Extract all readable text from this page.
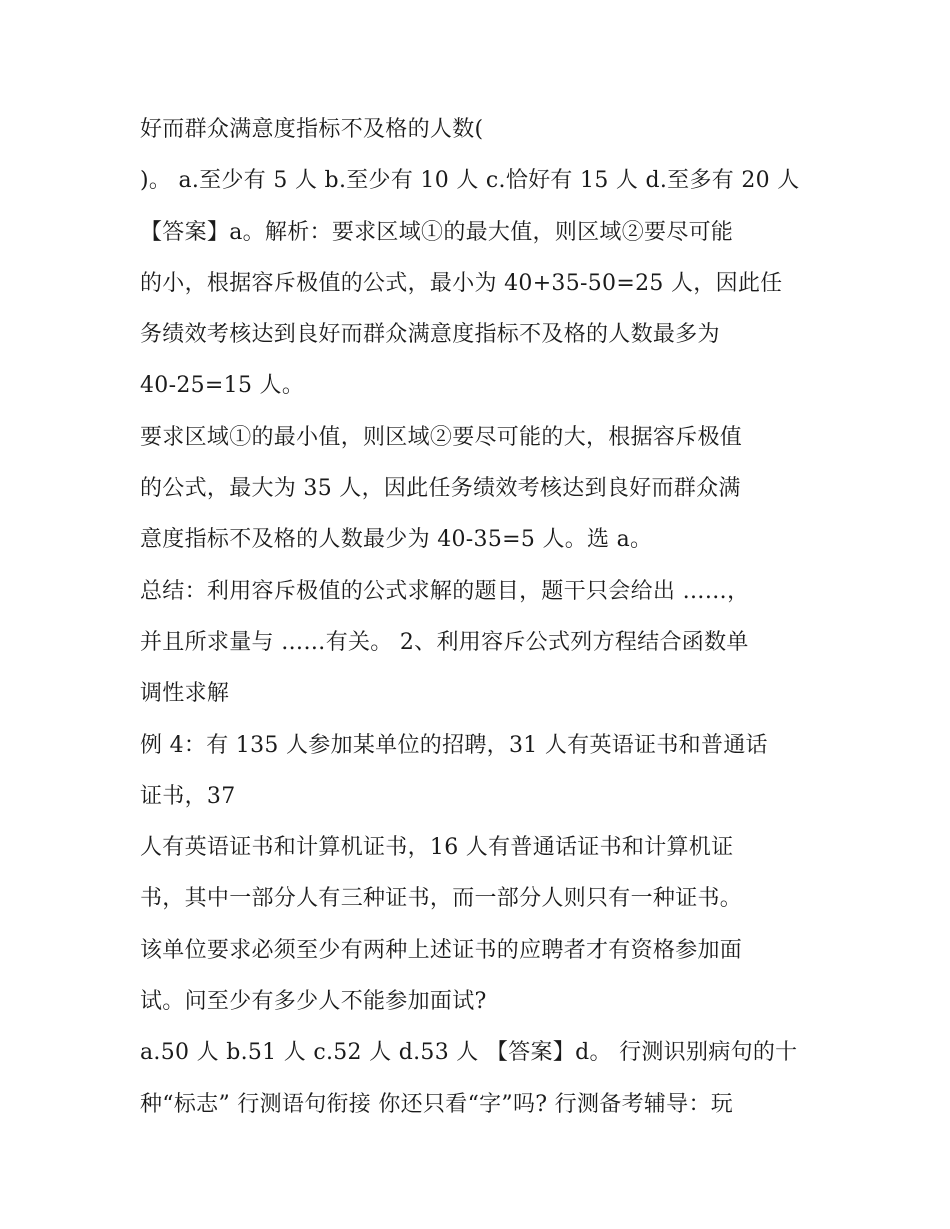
好而群众满意度指标不及格的人数(
)。 a.至少有 5 人 b.至少有 10 人 c.恰好有 15 人 d.至多有 20 人
【答案】a。解析：要求区域①的最大值，则区域②要尽可能
的小，根据容斥极值的公式，最小为 40+35-50=25 人，因此任
务绩效考核达到良好而群众满意度指标不及格的人数最多为
40-25=15 人。
要求区域①的最小值，则区域②要尽可能的大，根据容斥极值
的公式，最大为 35 人，因此任务绩效考核达到良好而群众满
意度指标不及格的人数最少为 40-35=5 人。选 a。
总结：利用容斥极值的公式求解的题目，题干只会给出 ……，
并且所求量与 ……有关。 2、利用容斥公式列方程结合函数单
调性求解
例 4：有 135 人参加某单位的招聘，31 人有英语证书和普通话
证书，37
人有英语证书和计算机证书，16 人有普通话证书和计算机证
书，其中一部分人有三种证书，而一部分人则只有一种证书。
该单位要求必须至少有两种上述证书的应聘者才有资格参加面
试。问至少有多少人不能参加面试?
a.50 人 b.51 人 c.52 人 d.53 人 【答案】d。 行测识别病句的十
种“标志” 行测语句衔接 你还只看“字”吗? 行测备考辅导：玩
